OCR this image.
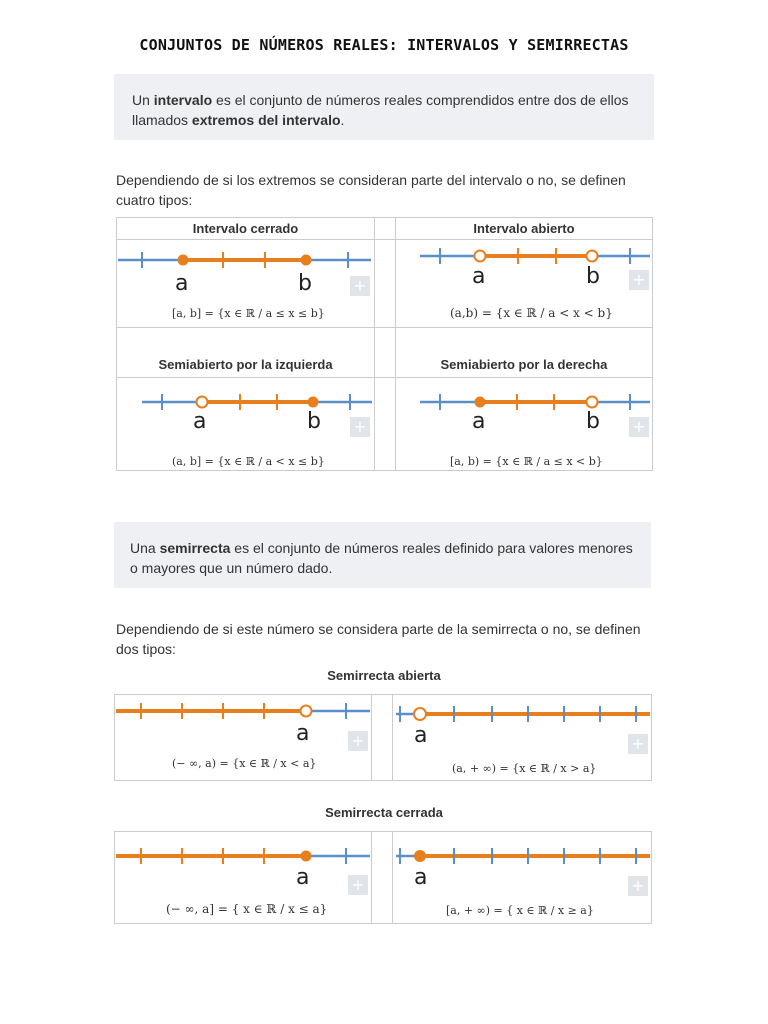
CONJUNTOS DE NÚMEROS REALES: INTERVALOS Y SEMIRRECTAS

Un intervalo es el conjunto de números reales comprendidos entre dos de ellos llamados extremos del intervalo.

Dependiendo de si los extremos se consideran parte del intervalo o no, se definen cuatro tipos:

Intervalo cerrado		Intervalo abierto

Semiabierto por la izquierda		Semiabierto por la derecha

a	b	+
[a, b] = {x ∈ ℝ / a ≤ x ≤ b}
a	b +
(a,b) = {x ∈ ℝ / a < x < b}
a	b +
(a, b] = {x ∈ ℝ / a < x ≤ b}
a	b +
[a, b) = {x ∈ ℝ / a ≤ x < b}

Una semirrecta es el conjunto de números reales definido para valores menores o mayores que un número dado.

Dependiendo de si este número se considera parte de la semirrecta o no, se definen dos tipos:

Semirrecta abierta

a	+
(− ∞, a) = {x ∈ ℝ / x < a}
a	+
(a, + ∞) = {x ∈ ℝ / x > a}
Semirrecta cerrada

a	+
(− ∞, a] = { x ∈ ℝ / x ≤ a}
a	+
[a, + ∞) = { x ∈ ℝ / x ≥ a}
